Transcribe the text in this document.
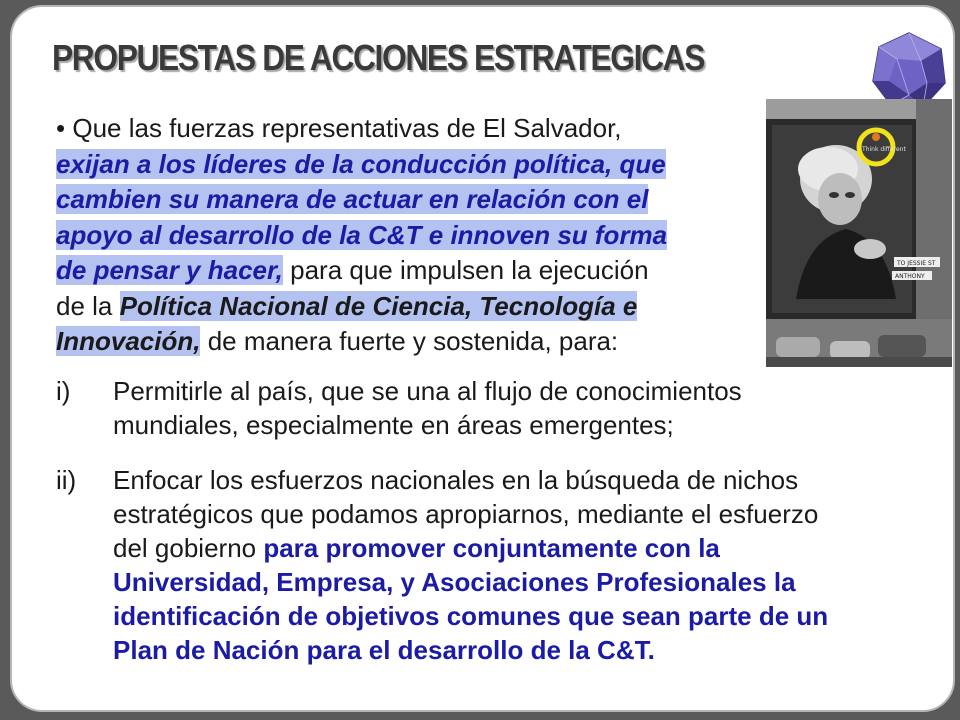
PROPUESTAS DE ACCIONES ESTRATEGICAS
Think different
TO JESSIE ST
ANTHONY
• Que las fuerzas representativas de El Salvador,
exijan a los líderes de la conducción política, que
cambien su manera de actuar en relación con el
apoyo al desarrollo de la C&T e innoven su forma
de pensar y hacer, para que impulsen la ejecución
de la Política Nacional de Ciencia, Tecnología e
Innovación, de manera fuerte y sostenida, para:
i) Permitirle al país, que se una al flujo de conocimientos
mundiales, especialmente en áreas emergentes;
ii) Enfocar los esfuerzos nacionales en la búsqueda de nichos
estratégicos que podamos apropiarnos, mediante el esfuerzo
del gobierno para promover conjuntamente con la
Universidad, Empresa, y Asociaciones Profesionales la
identificación de objetivos comunes que sean parte de un
Plan de Nación para el desarrollo de la C&T.
